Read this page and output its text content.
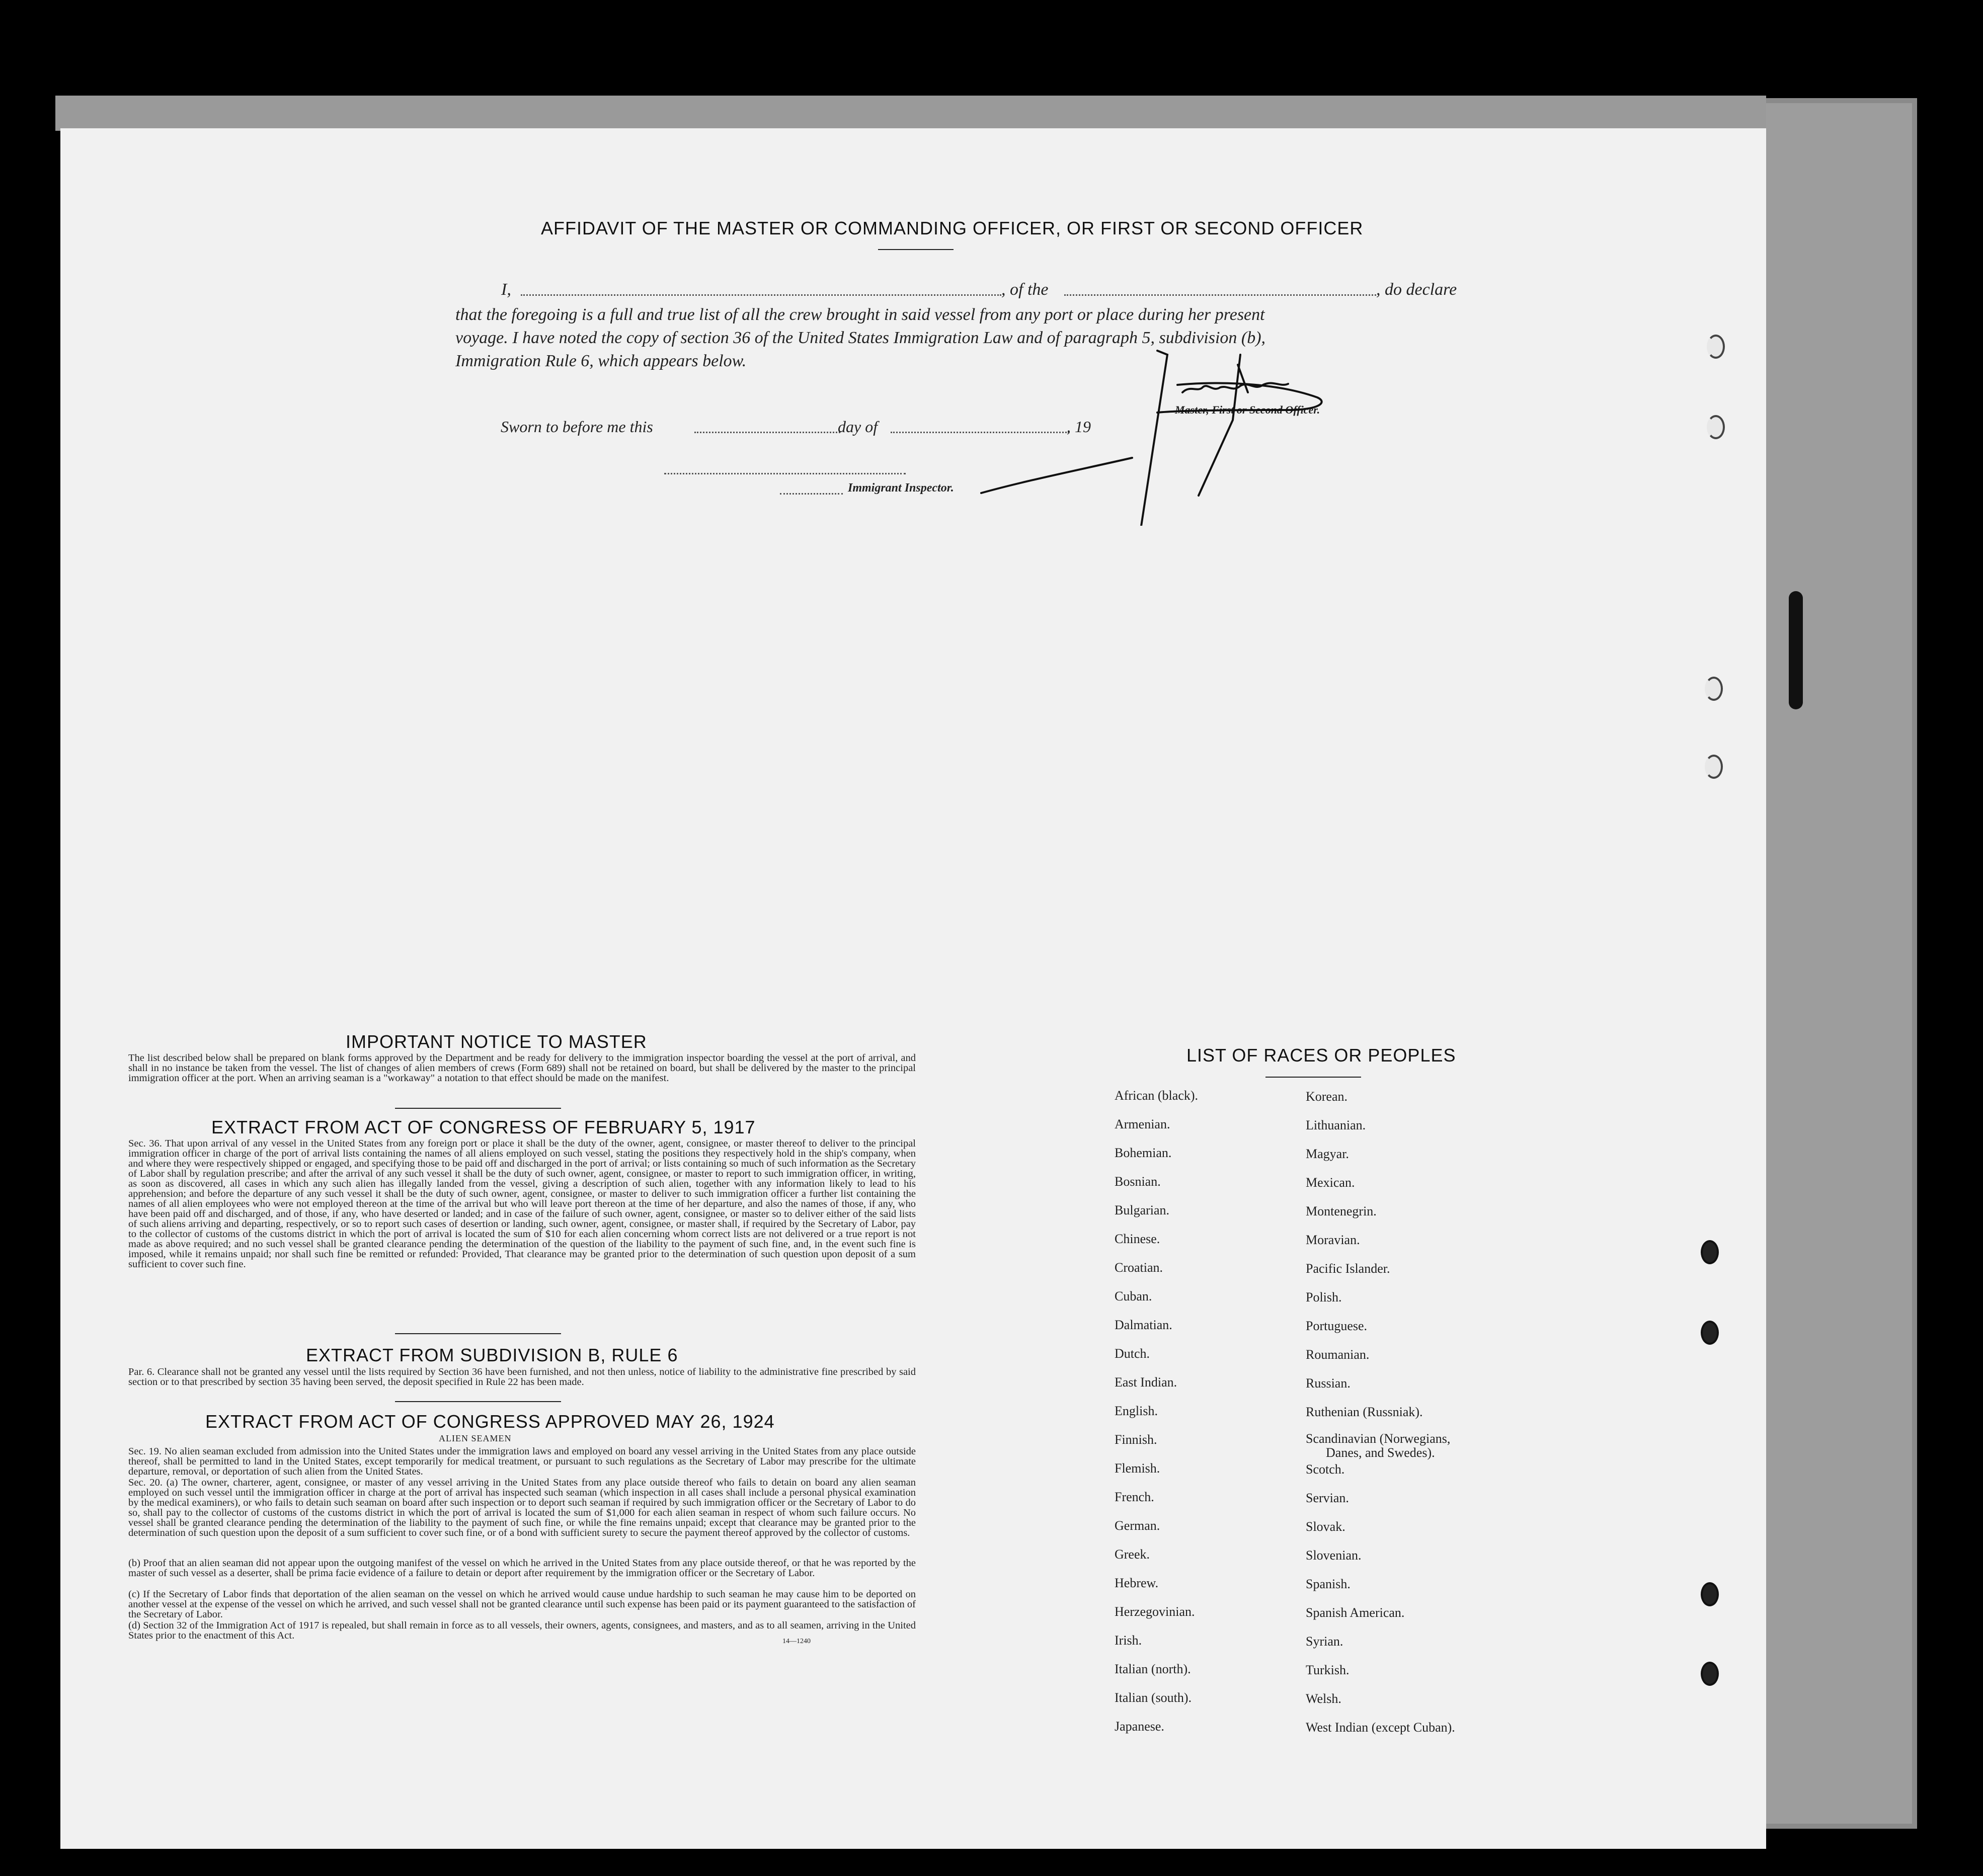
AFFIDAVIT OF THE MASTER OR COMMANDING OFFICER, OR FIRST OR SECOND OFFICER
I,	, of the	, do declare
that the foregoing is a full and true list of all the crew brought in said vessel from any port or place during her present
voyage. I have noted the copy of section 36 of the United States Immigration Law and of paragraph 5, subdivision (b),
Immigration Rule 6, which appears below.
Sworn to before me this	day of	, 19
Master, First or Second Officer.
Immigrant Inspector.
IMPORTANT NOTICE TO MASTER
The list described below shall be prepared on blank forms approved by the Department and be ready for delivery to the immigration inspector boarding the vessel at the port of arrival, and shall in no instance be taken from the vessel. The list of changes of alien members of crews (Form 689) shall not be retained on board, but shall be delivered by the master to the principal immigration officer at the port. When an arriving seaman is a "workaway" a notation to that effect should be made on the manifest.
EXTRACT FROM ACT OF CONGRESS OF FEBRUARY 5, 1917
Sec. 36. That upon arrival of any vessel in the United States from any foreign port or place it shall be the duty of the owner, agent, consignee, or master thereof to deliver to the principal immigration officer in charge of the port of arrival lists containing the names of all aliens employed on such vessel, stating the positions they respectively hold in the ship's company, when and where they were respectively shipped or engaged, and specifying those to be paid off and discharged in the port of arrival; or lists containing so much of such information as the Secretary of Labor shall by regulation prescribe; and after the arrival of any such vessel it shall be the duty of such owner, agent, consignee, or master to report to such immigration officer, in writing, as soon as discovered, all cases in which any such alien has illegally landed from the vessel, giving a description of such alien, together with any information likely to lead to his apprehension; and before the departure of any such vessel it shall be the duty of such owner, agent, consignee, or master to deliver to such immigration officer a further list containing the names of all alien employees who were not employed thereon at the time of the arrival but who will leave port thereon at the time of her departure, and also the names of those, if any, who have been paid off and discharged, and of those, if any, who have deserted or landed; and in case of the failure of such owner, agent, consignee, or master so to deliver either of the said lists of such aliens arriving and departing, respectively, or so to report such cases of desertion or landing, such owner, agent, consignee, or master shall, if required by the Secretary of Labor, pay to the collector of customs of the customs district in which the port of arrival is located the sum of $10 for each alien concerning whom correct lists are not delivered or a true report is not made as above required; and no such vessel shall be granted clearance pending the determination of the question of the liability to the payment of such fine, and, in the event such fine is imposed, while it remains unpaid; nor shall such fine be remitted or refunded: Provided, That clearance may be granted prior to the determination of such question upon deposit of a sum sufficient to cover such fine.
EXTRACT FROM SUBDIVISION B, RULE 6
Par. 6. Clearance shall not be granted any vessel until the lists required by Section 36 have been furnished, and not then unless, notice of liability to the administrative fine prescribed by said section or to that prescribed by section 35 having been served, the deposit specified in Rule 22 has been made.
EXTRACT FROM ACT OF CONGRESS APPROVED MAY 26, 1924
ALIEN SEAMEN
Sec. 19. No alien seaman excluded from admission into the United States under the immigration laws and employed on board any vessel arriving in the United States from any place outside thereof, shall be permitted to land in the United States, except temporarily for medical treatment, or pursuant to such regulations as the Secretary of Labor may prescribe for the ultimate departure, removal, or deportation of such alien from the United States.
Sec. 20. (a) The owner, charterer, agent, consignee, or master of any vessel arriving in the United States from any place outside thereof who fails to detain on board any alien seaman employed on such vessel until the immigration officer in charge at the port of arrival has inspected such seaman (which inspection in all cases shall include a personal physical examination by the medical examiners), or who fails to detain such seaman on board after such inspection or to deport such seaman if required by such immigration officer or the Secretary of Labor to do so, shall pay to the collector of customs of the customs district in which the port of arrival is located the sum of $1,000 for each alien seaman in respect of whom such failure occurs. No vessel shall be granted clearance pending the determination of the liability to the payment of such fine, or while the fine remains unpaid; except that clearance may be granted prior to the determination of such question upon the deposit of a sum sufficient to cover such fine, or of a bond with sufficient surety to secure the payment thereof approved by the collector of customs.
(b) Proof that an alien seaman did not appear upon the outgoing manifest of the vessel on which he arrived in the United States from any place outside thereof, or that he was reported by the master of such vessel as a deserter, shall be prima facie evidence of a failure to detain or deport after requirement by the immigration officer or the Secretary of Labor.
(c) If the Secretary of Labor finds that deportation of the alien seaman on the vessel on which he arrived would cause undue hardship to such seaman he may cause him to be deported on another vessel at the expense of the vessel on which he arrived, and such vessel shall not be granted clearance until such expense has been paid or its payment guaranteed to the satisfaction of the Secretary of Labor.
(d) Section 32 of the Immigration Act of 1917 is repealed, but shall remain in force as to all vessels, their owners, agents, consignees, and masters, and as to all seamen, arriving in the United States prior to the enactment of this Act.
14—1240
LIST OF RACES OR PEOPLES
African (black).
Armenian.
Bohemian.
Bosnian.
Bulgarian.
Chinese.
Croatian.
Cuban.
Dalmatian.
Dutch.
East Indian.
English.
Finnish.
Flemish.
French.
German.
Greek.
Hebrew.
Herzegovinian.
Irish.
Italian (north).
Italian (south).
Japanese.
Korean.
Lithuanian.
Magyar.
Mexican.
Montenegrin.
Moravian.
Pacific Islander.
Polish.
Portuguese.
Roumanian.
Russian.
Ruthenian (Russniak).
Scandinavian (Norwegians,
Danes, and Swedes).
Scotch.
Servian.
Slovak.
Slovenian.
Spanish.
Spanish American.
Syrian.
Turkish.
Welsh.
West Indian (except Cuban).
